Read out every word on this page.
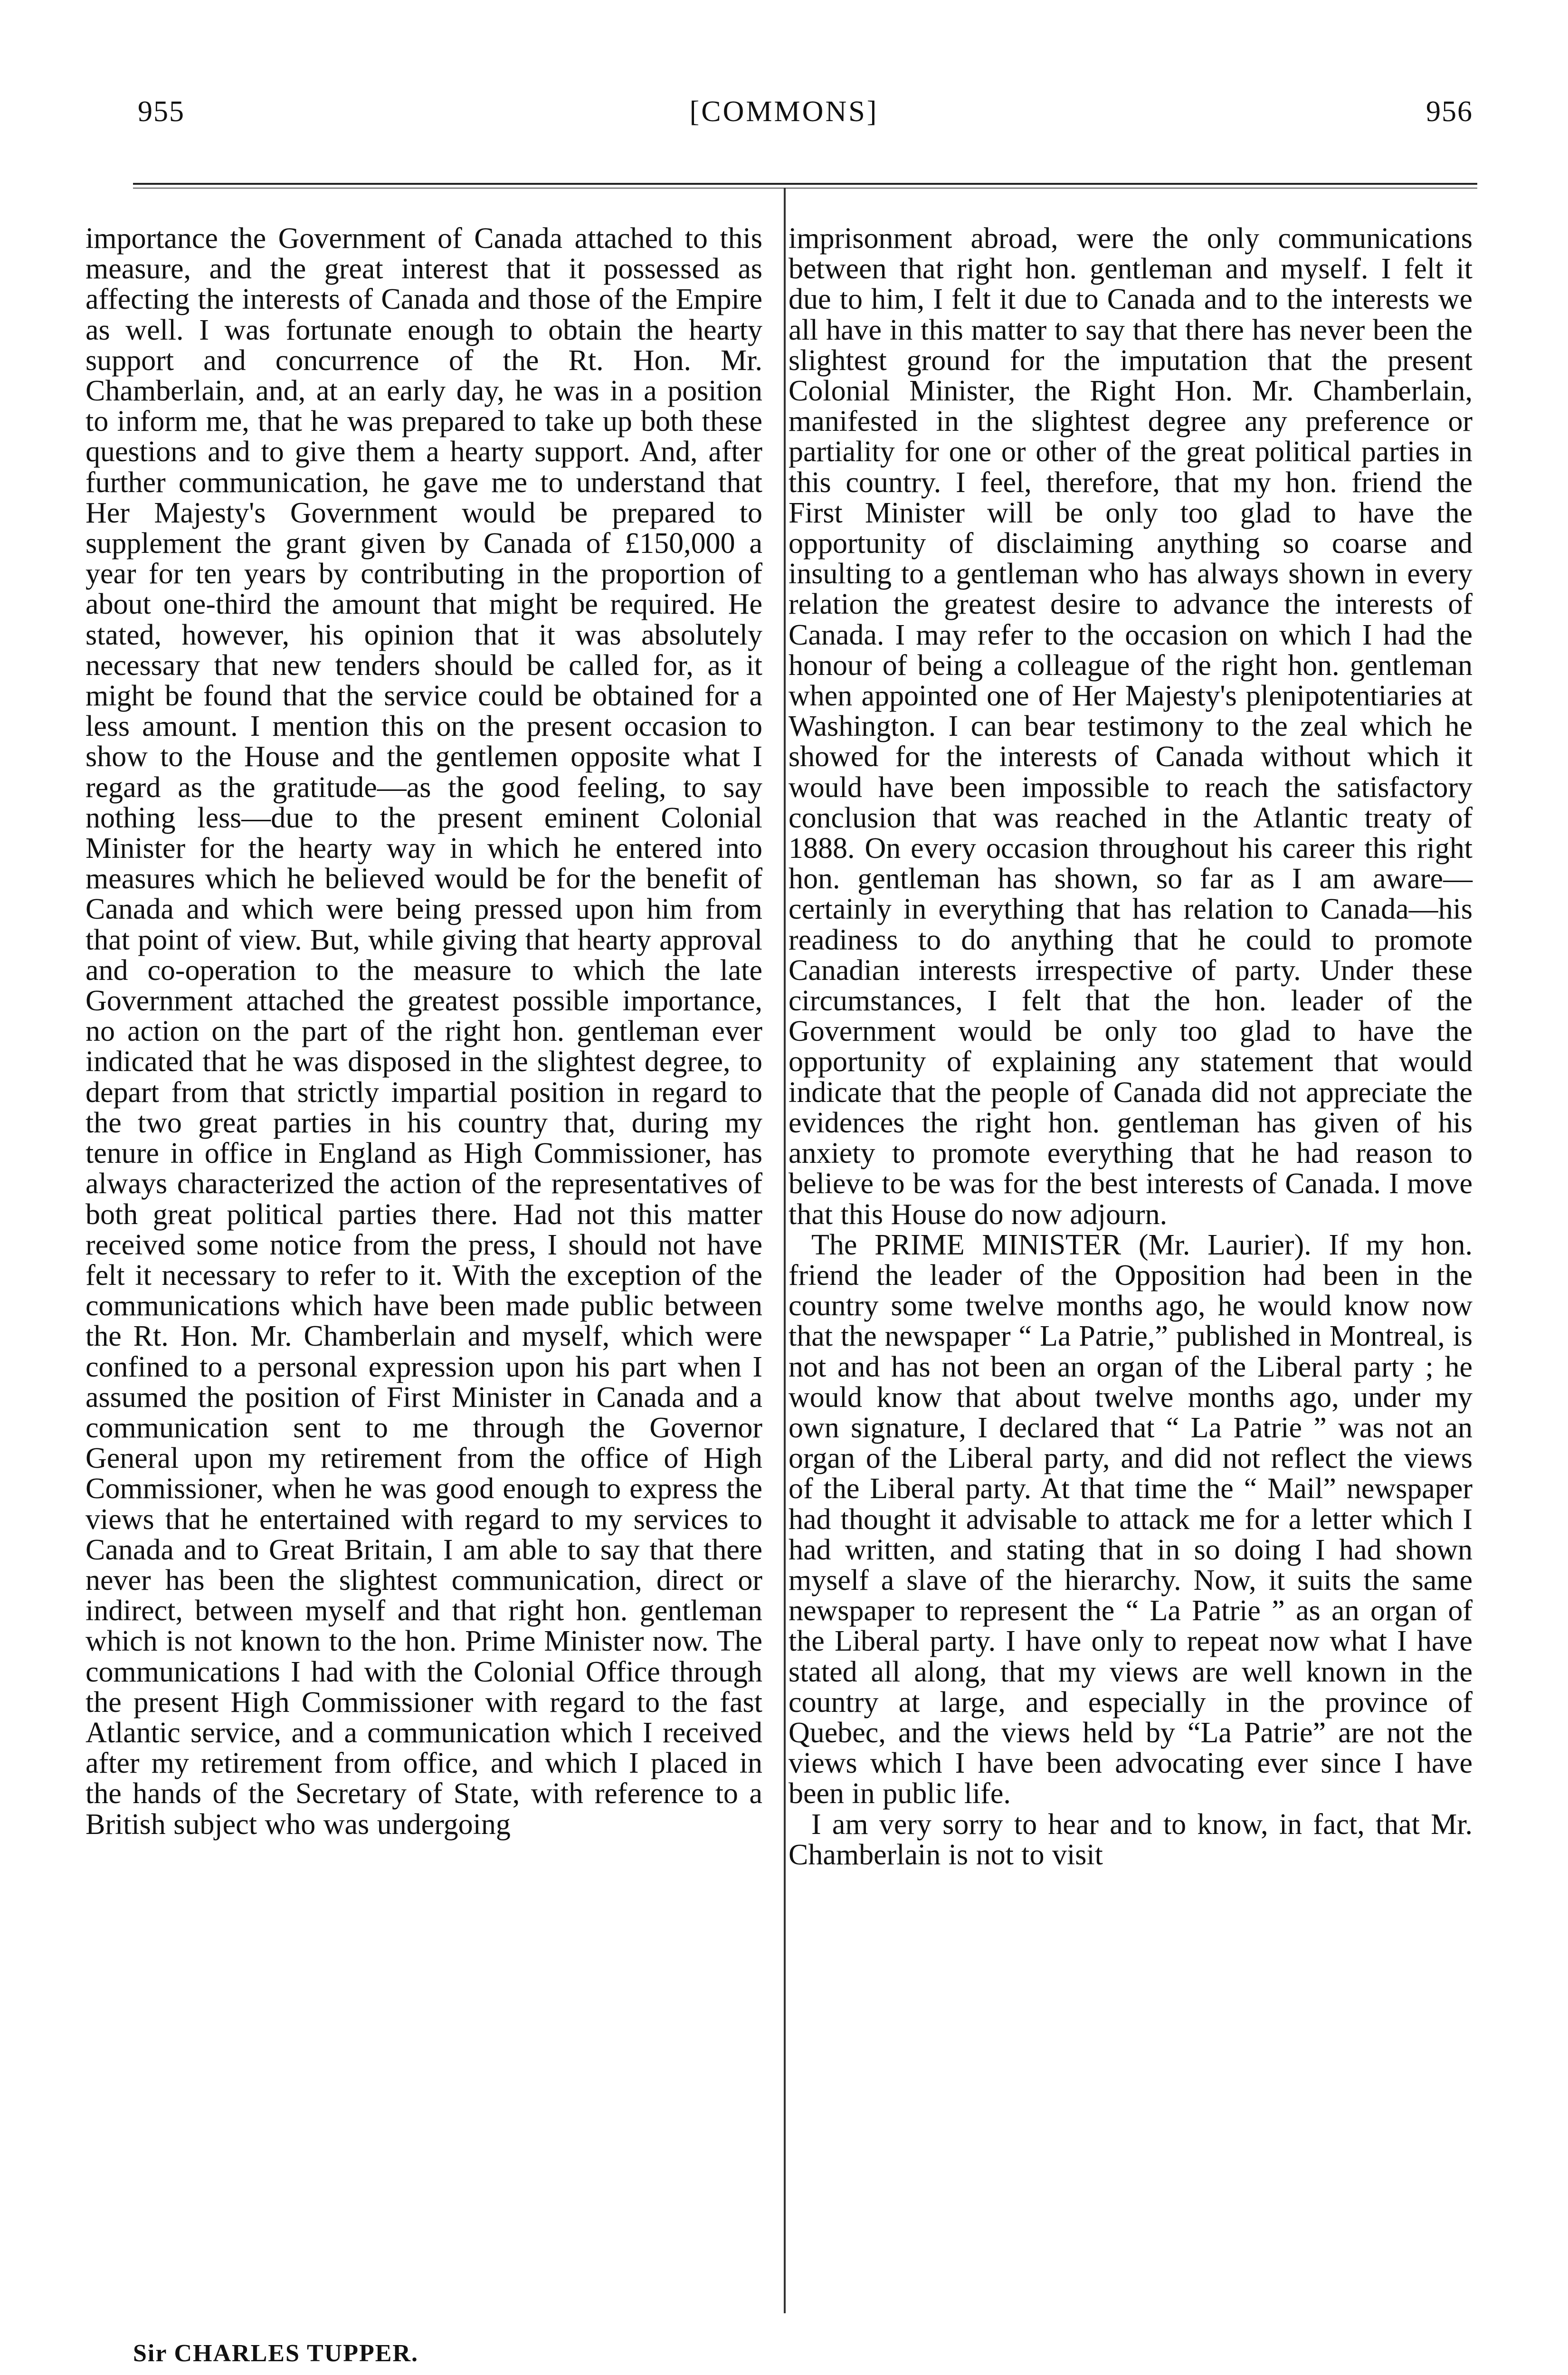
955	[COMMONS]	956

importance the Government of Canada attached to this measure, and the great interest that it possessed as affecting the interests of Canada and those of the Empire as well. I was fortunate enough to obtain the hearty support and concurrence of the Rt. Hon. Mr. Chamberlain, and, at an early day, he was in a position to inform me, that he was prepared to take up both these questions and to give them a hearty support. And, after further communication, he gave me to understand that Her Majesty's Government would be prepared to supplement the grant given by Canada of £150,000 a year for ten years by contributing in the proportion of about one-third the amount that might be required. He stated, however, his opinion that it was absolutely necessary that new tenders should be called for, as it might be found that the service could be obtained for a less amount. I mention this on the present occasion to show to the House and the gentlemen opposite what I regard as the gratitude—as the good feeling, to say nothing less—due to the present eminent Colonial Minister for the hearty way in which he entered into measures which he believed would be for the benefit of Canada and which were being pressed upon him from that point of view. But, while giving that hearty approval and co-operation to the measure to which the late Government attached the greatest possible importance, no action on the part of the right hon. gentleman ever indicated that he was disposed in the slightest degree, to depart from that strictly impartial position in regard to the two great parties in his country that, during my tenure in office in England as High Commissioner, has always characterized the action of the representatives of both great political parties there. Had not this matter received some notice from the press, I should not have felt it necessary to refer to it. With the exception of the communications which have been made public between the Rt. Hon. Mr. Chamberlain and myself, which were confined to a personal expression upon his part when I assumed the position of First Minister in Canada and a communication sent to me through the Governor General upon my retirement from the office of High Commissioner, when he was good enough to express the views that he entertained with regard to my services to Canada and to Great Britain, I am able to say that there never has been the slightest communication, direct or indirect, between myself and that right hon. gentleman which is not known to the hon. Prime Minister now. The communications I had with the Colonial Office through the present High Commissioner with regard to the fast Atlantic service, and a communication which I received after my retirement from office, and which I placed in the hands of the Secretary of State, with reference to a British subject who was undergoing

imprisonment abroad, were the only communications between that right hon. gentleman and myself. I felt it due to him, I felt it due to Canada and to the interests we all have in this matter to say that there has never been the slightest ground for the imputation that the present Colonial Minister, the Right Hon. Mr. Chamberlain, manifested in the slightest degree any preference or partiality for one or other of the great political parties in this country. I feel, therefore, that my hon. friend the First Minister will be only too glad to have the opportunity of disclaiming anything so coarse and insulting to a gentleman who has always shown in every relation the greatest desire to advance the interests of Canada. I may refer to the occasion on which I had the honour of being a colleague of the right hon. gentleman when appointed one of Her Majesty's plenipotentiaries at Washington. I can bear testimony to the zeal which he showed for the interests of Canada without which it would have been impossible to reach the satisfactory conclusion that was reached in the Atlantic treaty of 1888. On every occasion throughout his career this right hon. gentleman has shown, so far as I am aware—certainly in everything that has relation to Canada—his readiness to do anything that he could to promote Canadian interests irrespective of party. Under these circumstances, I felt that the hon. leader of the Government would be only too glad to have the opportunity of explaining any statement that would indicate that the people of Canada did not appreciate the evidences the right hon. gentleman has given of his anxiety to promote everything that he had reason to believe to be was for the best interests of Canada. I move that this House do now adjourn.

The PRIME MINISTER (Mr. Laurier). If my hon. friend the leader of the Opposition had been in the country some twelve months ago, he would know now that the newspaper “ La Patrie,” published in Montreal, is not and has not been an organ of the Liberal party ; he would know that about twelve months ago, under my own signature, I declared that “ La Patrie ” was not an organ of the Liberal party, and did not reflect the views of the Liberal party. At that time the “ Mail” newspaper had thought it advisable to attack me for a letter which I had written, and stating that in so doing I had shown myself a slave of the hierarchy. Now, it suits the same newspaper to represent the “ La Patrie ” as an organ of the Liberal party. I have only to repeat now what I have stated all along, that my views are well known in the country at large, and especially in the province of Quebec, and the views held by “La Patrie” are not the views which I have been advocating ever since I have been in public life.

I am very sorry to hear and to know, in fact, that Mr. Chamberlain is not to visit

Sir CHARLES TUPPER.
